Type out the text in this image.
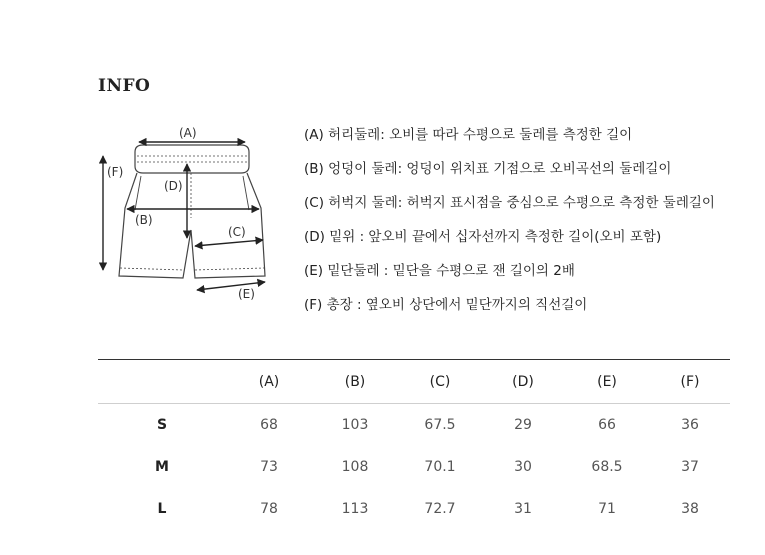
INFO
(A)
(F)
(D)
(B)
(C)
(E)
(A) 허리둘레: 오비를 따라 수평으로 둘레를 측정한 길이
(B) 엉덩이 둘레: 엉덩이 위치표 기점으로 오비곡선의 둘레길이
(C) 허벅지 둘레: 허벅지 표시점을 중심으로 수평으로 측정한 둘레길이
(D) 밑위 : 앞오비 끝에서 십자선까지 측정한 길이(오비 포함)
(E) 밑단둘레 : 밑단을 수평으로 잰 길이의 2배
(F) 총장 : 옆오비 상단에서 밑단까지의 직선길이
	(A)	(B)	(C)	(D)	(E)	(F)
S	68	103	67.5	29	66	36
M	73	108	70.1	30	68.5	37
L	78	113	72.7	31	71	38
